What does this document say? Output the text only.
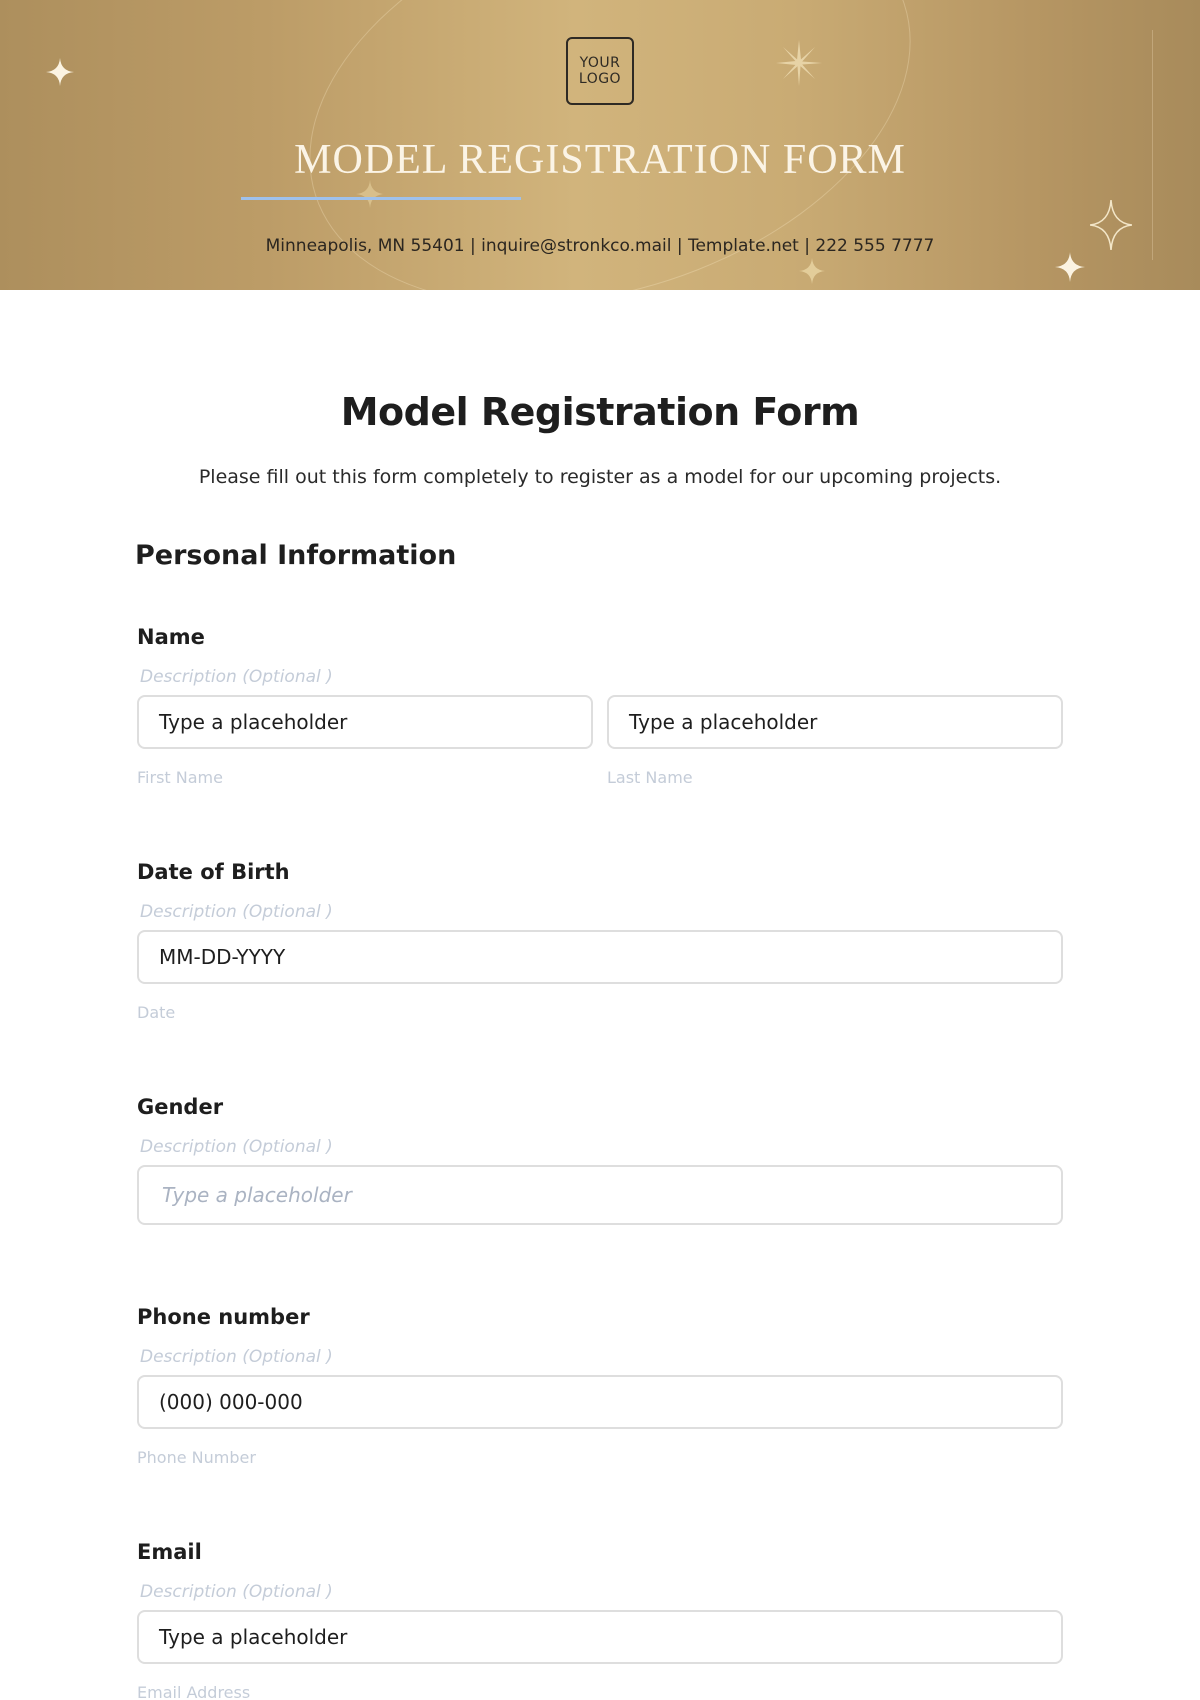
YOUR
LOGO
MODEL REGISTRATION FORM
Minneapolis, MN 55401 | inquire@stronkco.mail | Template.net | 222 555 7777
Model Registration Form
Please fill out this form completely to register as a model for our upcoming projects.
Personal Information
Name
Description (Optional )
Type a placeholder
First Name
Type a placeholder
Last Name
Date of Birth
Description (Optional )
MM-DD-YYYY
Date
Gender
Description (Optional )
Type a placeholder
Phone number
Description (Optional )
(000) 000-000
Phone Number
Email
Description (Optional )
Type a placeholder
Email Address
